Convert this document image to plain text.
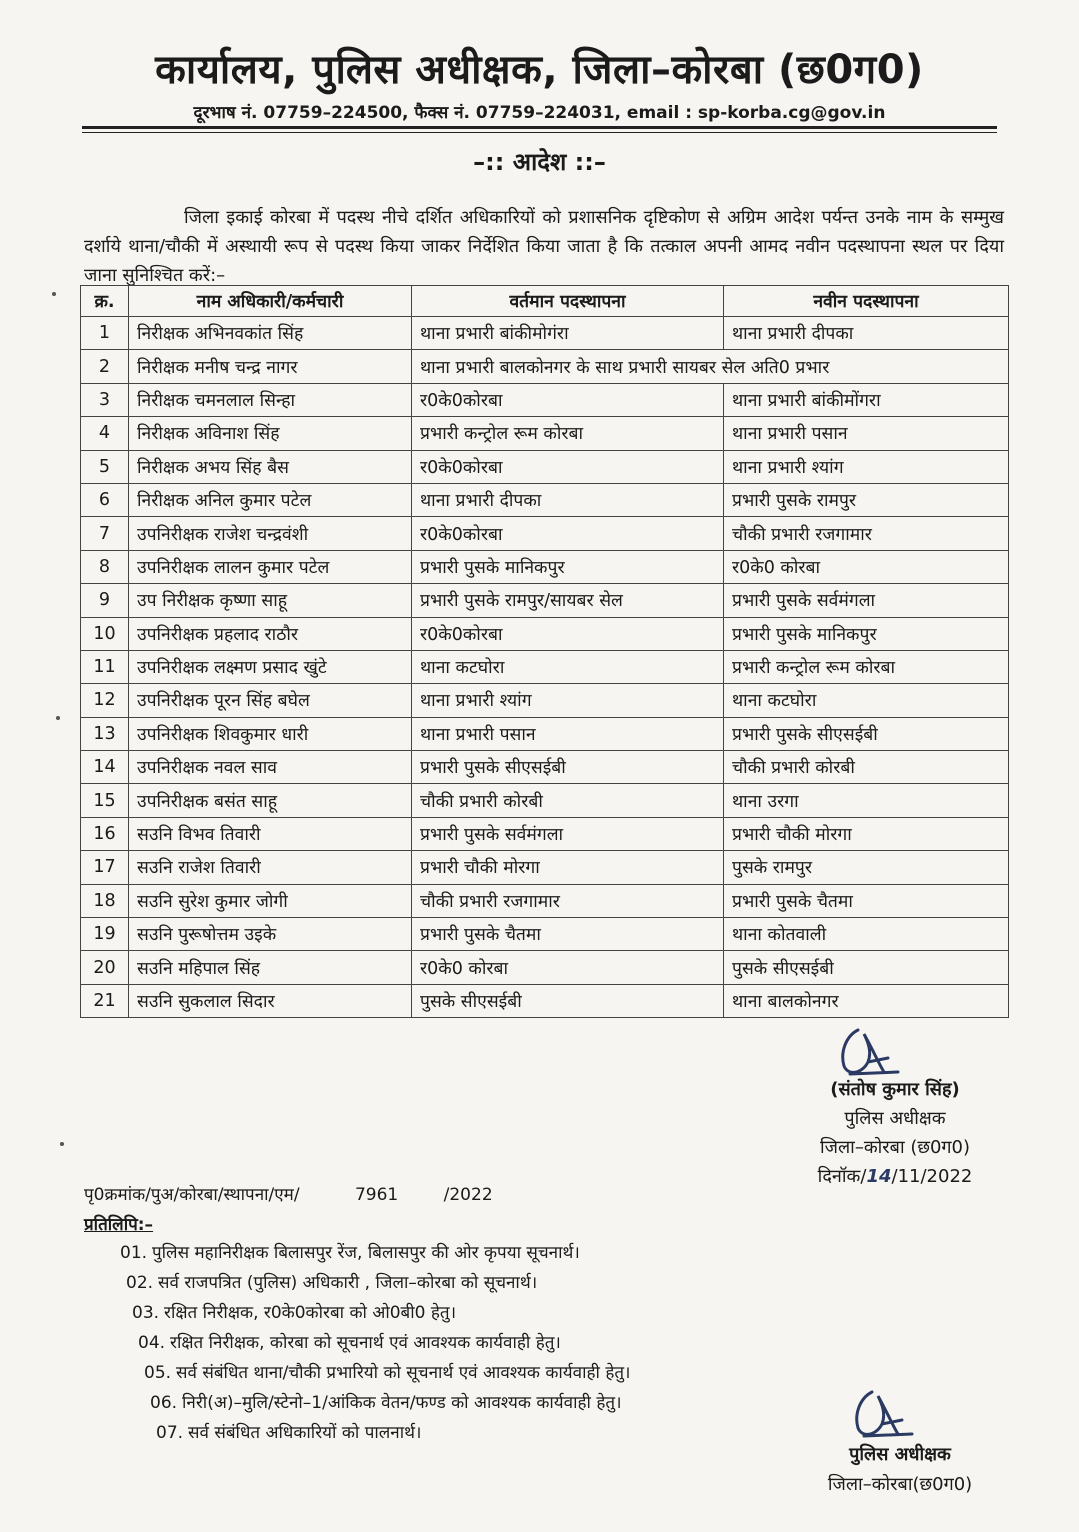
कार्यालय, पुलिस अधीक्षक, जिला–कोरबा (छ0ग0)
दूरभाष नं. 07759–224500, फैक्स नं. 07759–224031, email : sp-korba.cg@gov.in
–:: आदेश ::–
जिला इकाई कोरबा में पदस्थ नीचे दर्शित अधिकारियों को प्रशासनिक दृष्टिकोण से अग्रिम आदेश पर्यन्त उनके नाम के सम्मुख दर्शाये थाना/चौकी में अस्थायी रूप से पदस्थ किया जाकर निर्देशित किया जाता है कि तत्काल अपनी आमद नवीन पदस्थापना स्थल पर दिया जाना सुनिश्चित करें:–
क्र.	नाम अधिकारी/कर्मचारी	वर्तमान पदस्थापना	नवीन पदस्थापना
1	निरीक्षक अभिनवकांत सिंह	थाना प्रभारी बांकीमोगंरा	थाना प्रभारी दीपका
2	निरीक्षक मनीष चन्द्र नागर	थाना प्रभारी बालकोनगर के साथ प्रभारी सायबर सेल अति0 प्रभार	
3	निरीक्षक चमनलाल सिन्हा	र0के0कोरबा	थाना प्रभारी बांकीमोंगरा
4	निरीक्षक अविनाश सिंह	प्रभारी कन्ट्रोल रूम कोरबा	थाना प्रभारी पसान
5	निरीक्षक अभय सिंह बैस	र0के0कोरबा	थाना प्रभारी श्यांग
6	निरीक्षक अनिल कुमार पटेल	थाना प्रभारी दीपका	प्रभारी पुसके रामपुर
7	उपनिरीक्षक राजेश चन्द्रवंशी	र0के0कोरबा	चौकी प्रभारी रजगामार
8	उपनिरीक्षक लालन कुमार पटेल	प्रभारी पुसके मानिकपुर	र0के0 कोरबा
9	उप निरीक्षक कृष्णा साहू	प्रभारी पुसके रामपुर/सायबर सेल	प्रभारी पुसके सर्वमंगला
10	उपनिरीक्षक प्रहलाद राठौर	र0के0कोरबा	प्रभारी पुसके मानिकपुर
11	उपनिरीक्षक लक्ष्मण प्रसाद खुंटे	थाना कटघोरा	प्रभारी कन्ट्रोल रूम कोरबा
12	उपनिरीक्षक पूरन सिंह बघेल	थाना प्रभारी श्यांग	थाना कटघोरा
13	उपनिरीक्षक शिवकुमार धारी	थाना प्रभारी पसान	प्रभारी पुसके सीएसईबी
14	उपनिरीक्षक नवल साव	प्रभारी पुसके सीएसईबी	चौकी प्रभारी कोरबी
15	उपनिरीक्षक बसंत साहू	चौकी प्रभारी कोरबी	थाना उरगा
16	सउनि विभव तिवारी	प्रभारी पुसके सर्वमंगला	प्रभारी चौकी मोरगा
17	सउनि राजेश तिवारी	प्रभारी चौकी मोरगा	पुसके रामपुर
18	सउनि सुरेश कुमार जोगी	चौकी प्रभारी रजगामार	प्रभारी पुसके चैतमा
19	सउनि पुरूषोत्तम उइके	प्रभारी पुसके चैतमा	थाना कोतवाली
20	सउनि महिपाल सिंह	र0के0 कोरबा	पुसके सीएसईबी
21	सउनि सुकलाल सिदार	पुसके सीएसईबी	थाना बालकोनगर
(संतोष कुमार सिंह)
पुलिस अधीक्षक
जिला–कोरबा (छ0ग0)
दिनॉक/14/11/2022
पृ0क्रमांक/पुअ/कोरबा/स्थापना/एम/	7961	/2022
प्रतिलिपि:–
01. पुलिस महानिरीक्षक बिलासपुर रेंज, बिलासपुर की ओर कृपया सूचनार्थ।
02. सर्व राजपत्रित (पुलिस) अधिकारी , जिला–कोरबा को सूचनार्थ।
03. रक्षित निरीक्षक, र0के0कोरबा को ओ0बी0 हेतु।
04. रक्षित निरीक्षक, कोरबा को सूचनार्थ एवं आवश्यक कार्यवाही हेतु।
05. सर्व संबंधित थाना/चौकी प्रभारियो को सूचनार्थ एवं आवश्यक कार्यवाही हेतु।
06. निरी(अ)–मुलि/स्टेनो–1/आंकिक वेतन/फण्ड को आवश्यक कार्यवाही हेतु।
07. सर्व संबंधित अधिकारियों को पालनार्थ।
पुलिस अधीक्षक
जिला–कोरबा(छ0ग0)
